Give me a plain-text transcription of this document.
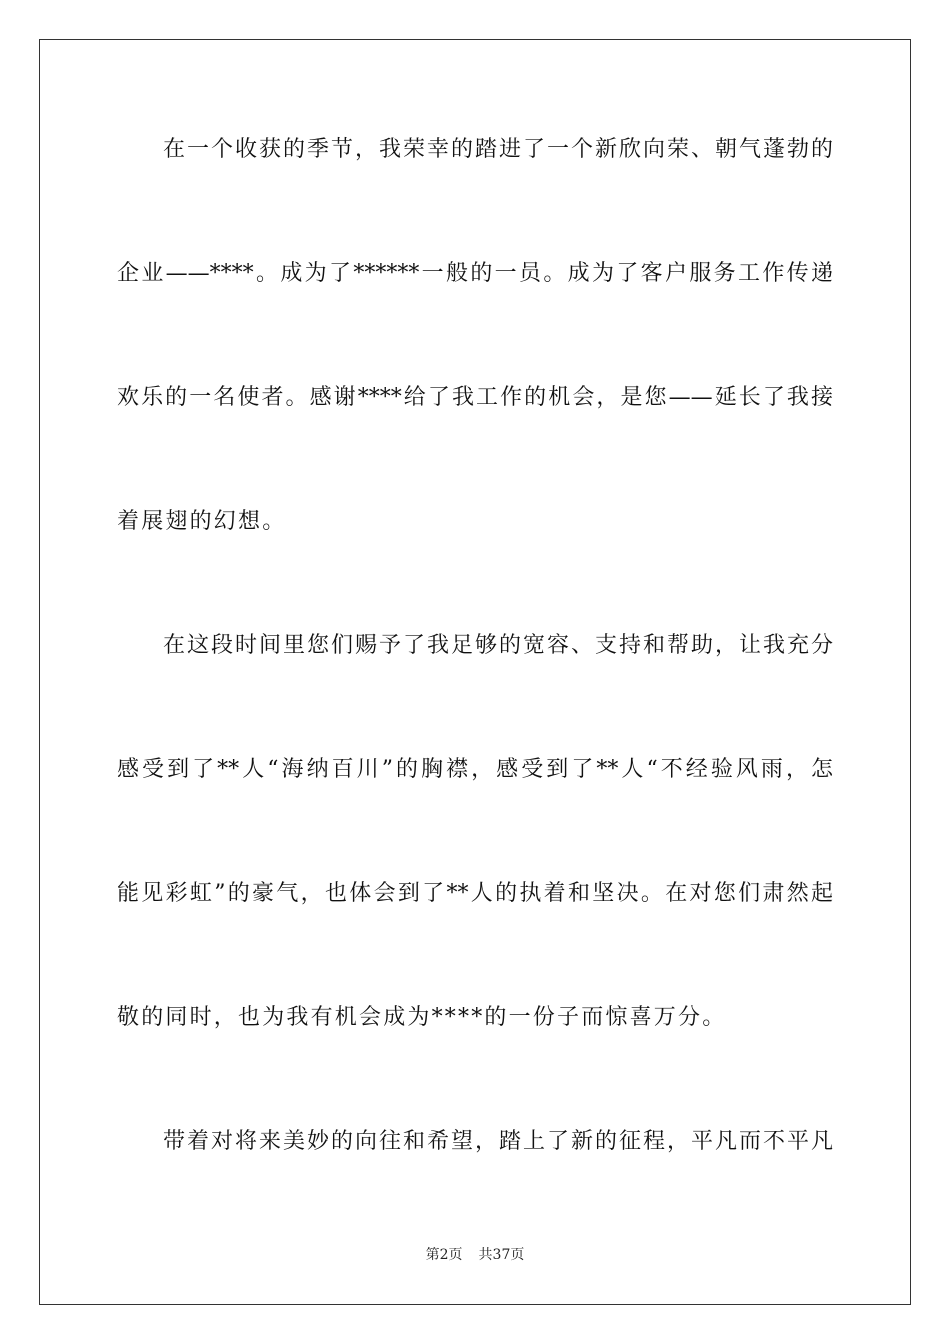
在一个收获的季节，我荣幸的踏进了一个新欣向荣、朝气蓬勃的
企业——****。成为了******一般的一员。成为了客户服务工作传递
欢乐的一名使者。感谢****给了我工作的机会，是您——延长了我接
着展翅的幻想。
在这段时间里您们赐予了我足够的宽容、支持和帮助，让我充分
感受到了**人“海纳百川”的胸襟，感受到了**人“不经验风雨，怎
能见彩虹”的豪气，也体会到了**人的执着和坚决。在对您们肃然起
敬的同时，也为我有机会成为****的一份子而惊喜万分。
带着对将来美妙的向往和希望，踏上了新的征程，平凡而不平凡
第2页 共37页
